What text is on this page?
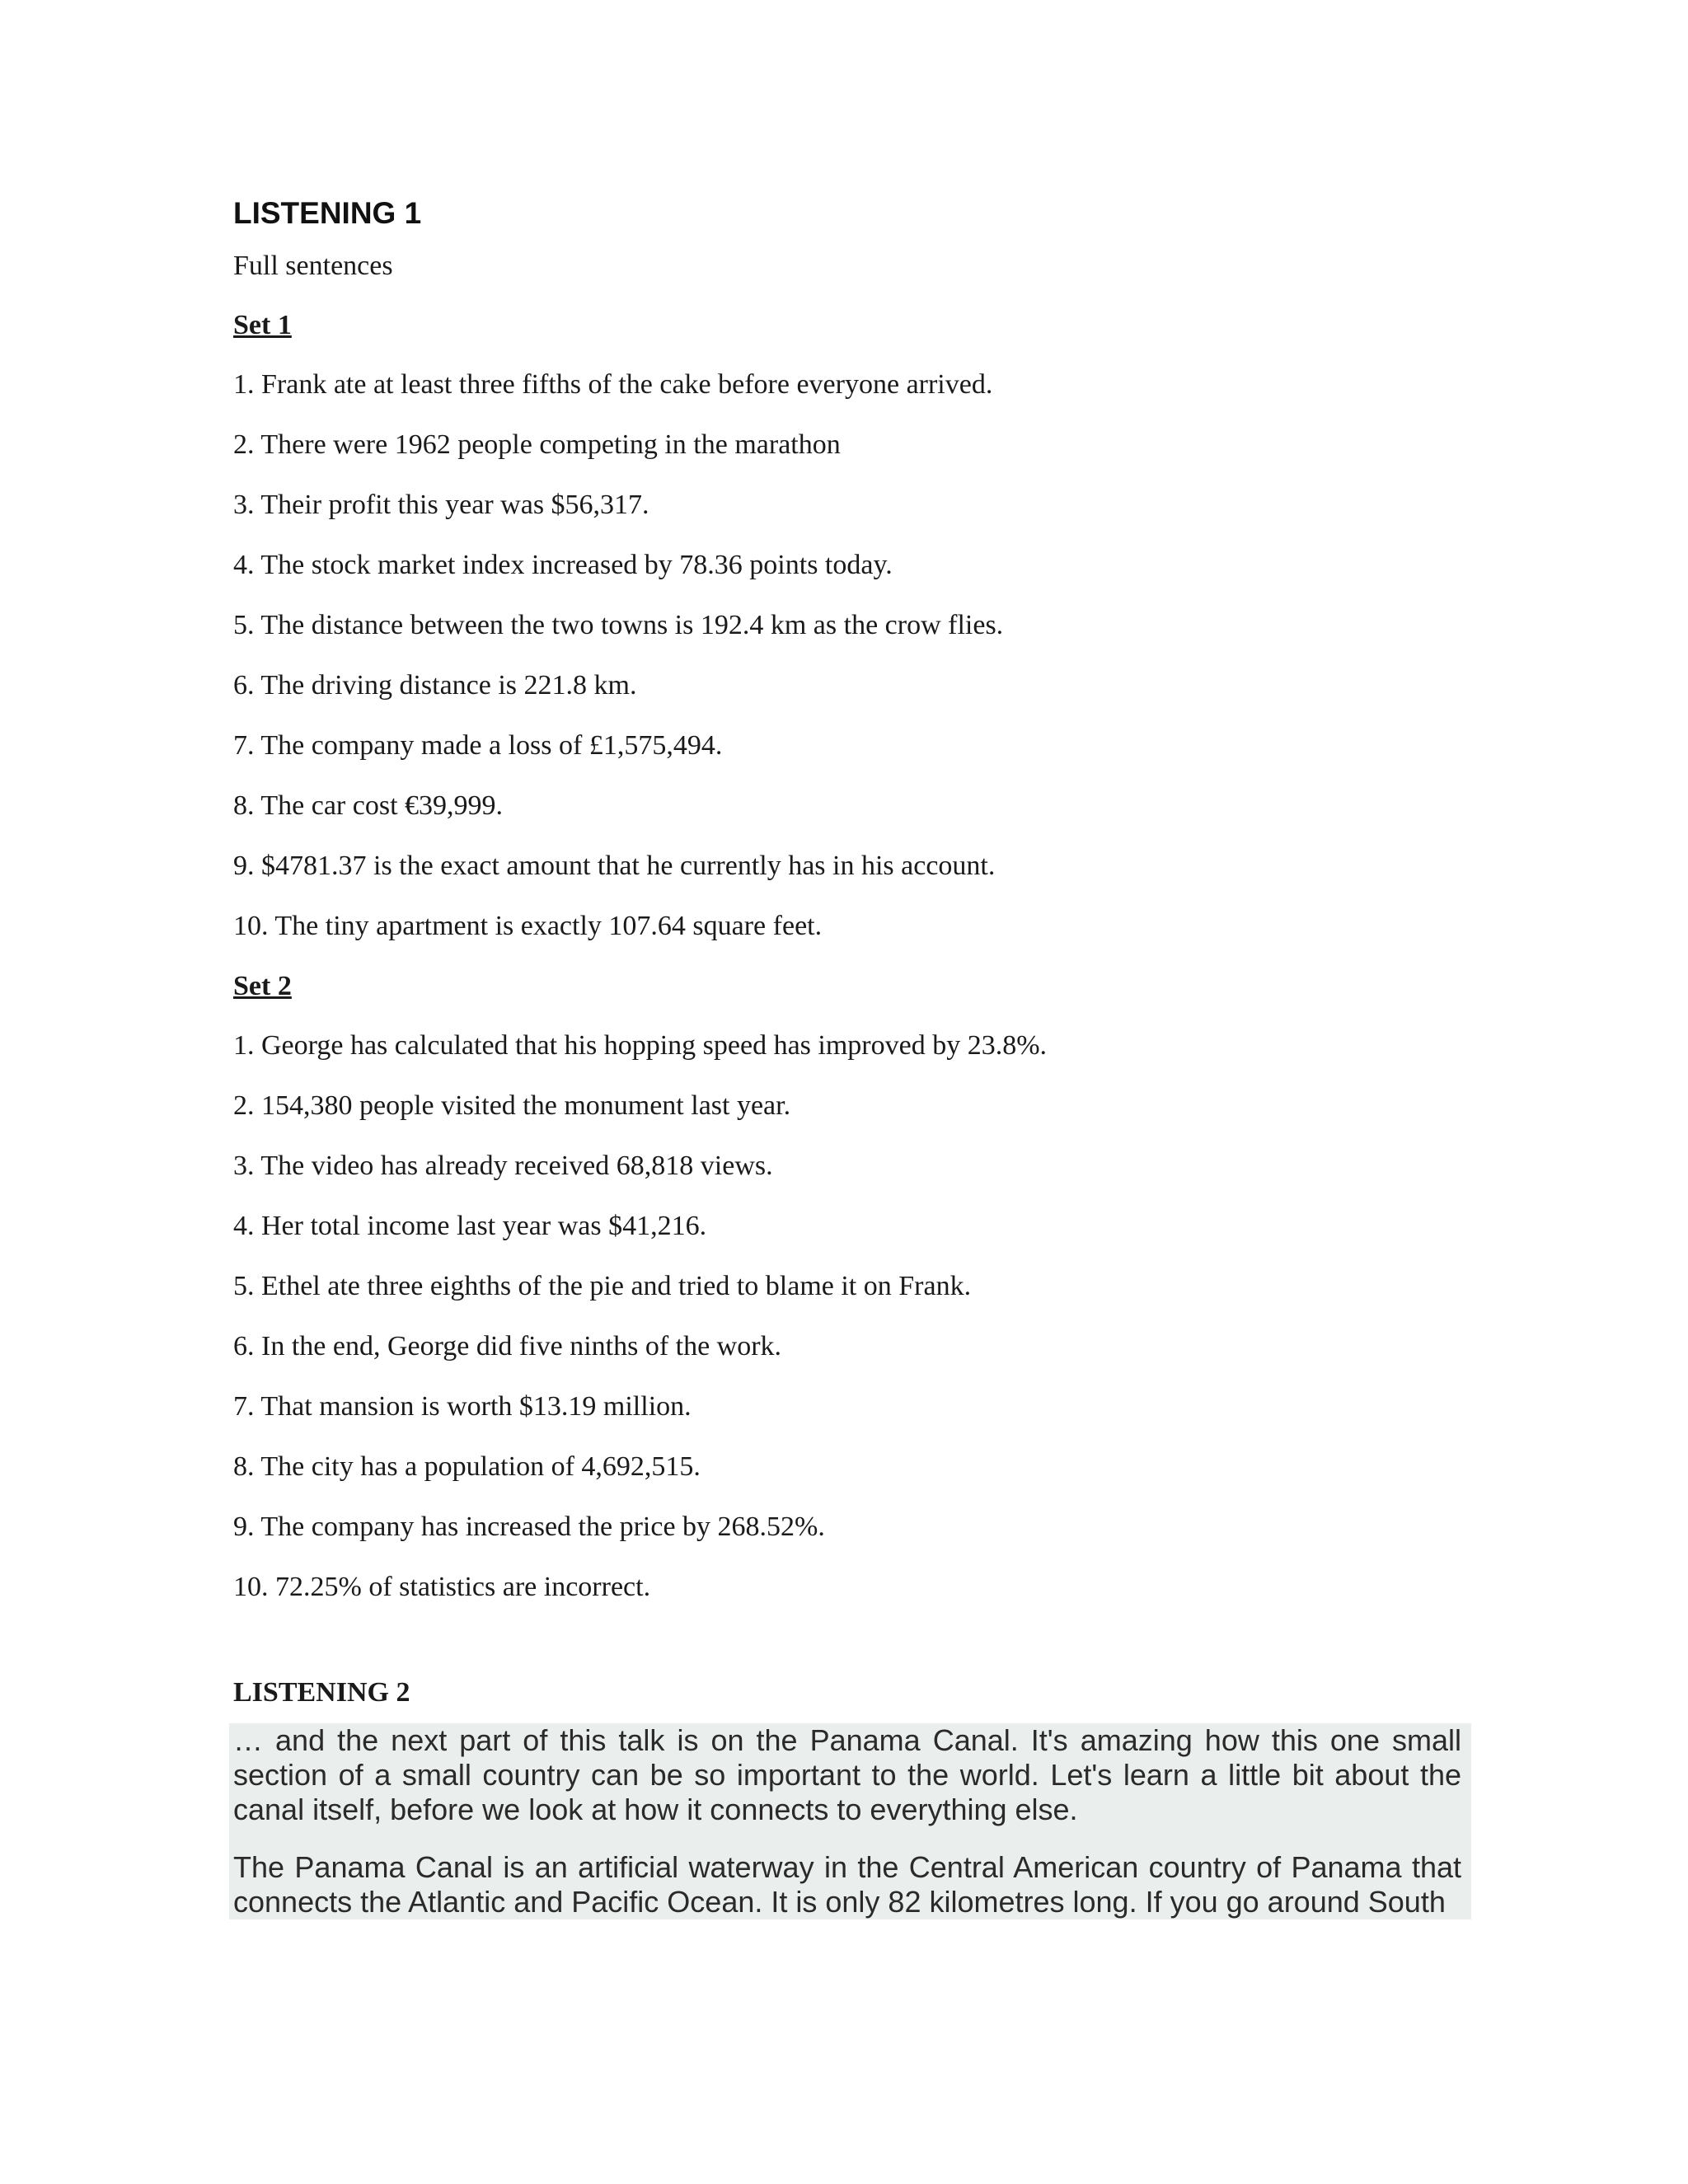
LISTENING 1
Full sentences
Set 1
1. Frank ate at least three fifths of the cake before everyone arrived.
2. There were 1962 people competing in the marathon
3. Their profit this year was $56,317.
4. The stock market index increased by 78.36 points today.
5. The distance between the two towns is 192.4 km as the crow flies.
6. The driving distance is 221.8 km.
7. The company made a loss of £1,575,494.
8. The car cost €39,999.
9. $4781.37 is the exact amount that he currently has in his account.
10. The tiny apartment is exactly 107.64 square feet.
Set 2
1. George has calculated that his hopping speed has improved by 23.8%.
2. 154,380 people visited the monument last year.
3. The video has already received 68,818 views.
4. Her total income last year was $41,216.
5. Ethel ate three eighths of the pie and tried to blame it on Frank.
6. In the end, George did five ninths of the work.
7. That mansion is worth $13.19 million.
8. The city has a population of 4,692,515.
9. The company has increased the price by 268.52%.
10. 72.25% of statistics are incorrect.
LISTENING 2

… and the next part of this talk is on the Panama Canal. It's amazing how this one small section of a small country can be so important to the world. Let's learn a little bit about the canal itself, before we look at how it connects to everything else.

The Panama Canal is an artificial waterway in the Central American country of Panama that connects the Atlantic and Pacific Ocean. It is only 82 kilometres long. If you go around South
